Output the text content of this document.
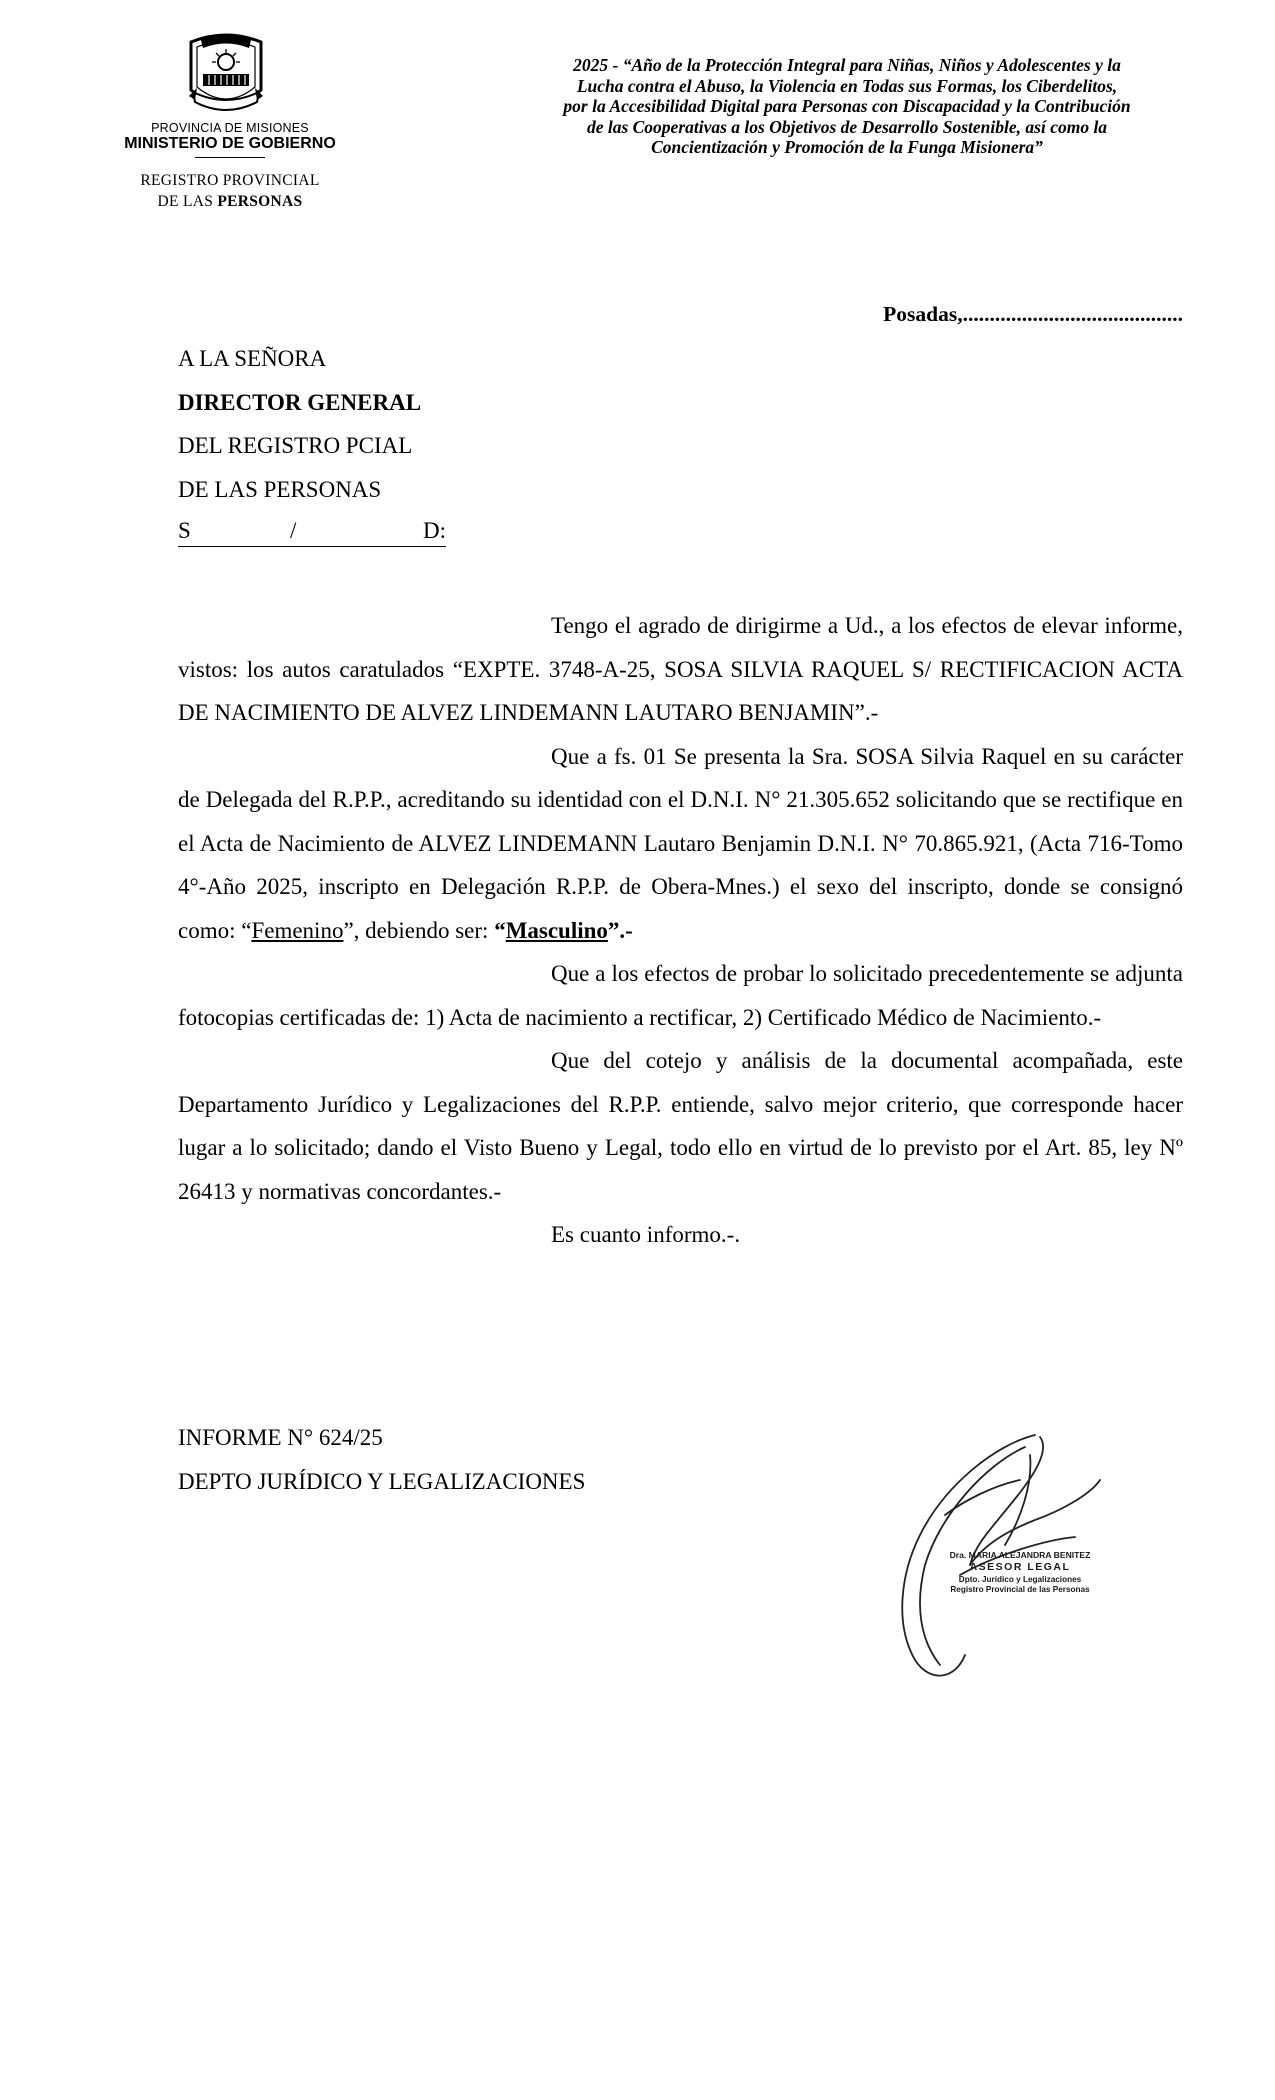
PROVINCIA DE MISIONES
MINISTERIO DE GOBIERNO
REGISTRO PROVINCIAL
DE LAS PERSONAS
2025 - “Año de la Protección Integral para Niñas, Niños y Adolescentes y la
Lucha contra el Abuso, la Violencia en Todas sus Formas, los Ciberdelitos,
por la Accesibilidad Digital para Personas con Discapacidad y la Contribución
de las Cooperativas a los Objetivos de Desarrollo Sostenible, así como la
Concientización y Promoción de la Funga Misionera”
Posadas,.........................................
A LA SEÑORA
DIRECTOR GENERAL
DEL REGISTRO PCIAL
DE LAS PERSONAS
S	/	D:

Tengo el agrado de dirigirme a Ud., a los efectos de elevar informe, vistos: los autos caratulados “EXPTE. 3748-A-25, SOSA SILVIA RAQUEL S/ RECTIFICACION ACTA DE NACIMIENTO DE ALVEZ LINDEMANN LAUTARO BENJAMIN”.-

Que a fs. 01 Se presenta la Sra. SOSA Silvia Raquel en su carácter de Delegada del R.P.P., acreditando su identidad con el D.N.I. N° 21.305.652 solicitando que se rectifique en el Acta de Nacimiento de ALVEZ LINDEMANN Lautaro Benjamin D.N.I. N° 70.865.921, (Acta 716-Tomo 4°-Año 2025, inscripto en Delegación R.P.P. de Obera-Mnes.) el sexo del inscripto, donde se consignó como: “Femenino”, debiendo ser: “Masculino”.-

Que a los efectos de probar lo solicitado precedentemente se adjunta fotocopias certificadas de: 1) Acta de nacimiento a rectificar, 2) Certificado Médico de Nacimiento.-

Que del cotejo y análisis de la documental acompañada, este Departamento Jurídico y Legalizaciones del R.P.P. entiende, salvo mejor criterio, que corresponde hacer lugar a lo solicitado; dando el Visto Bueno y Legal, todo ello en virtud de lo previsto por el Art. 85, ley Nº 26413 y normativas concordantes.-

Es cuanto informo.-.

INFORME N° 624/25
DEPTO JURÍDICO Y LEGALIZACIONES
Dra. MARIA ALEJANDRA BENITEZ
ASESOR LEGAL
Dpto. Jurídico y Legalizaciones
Registro Provincial de las Personas
